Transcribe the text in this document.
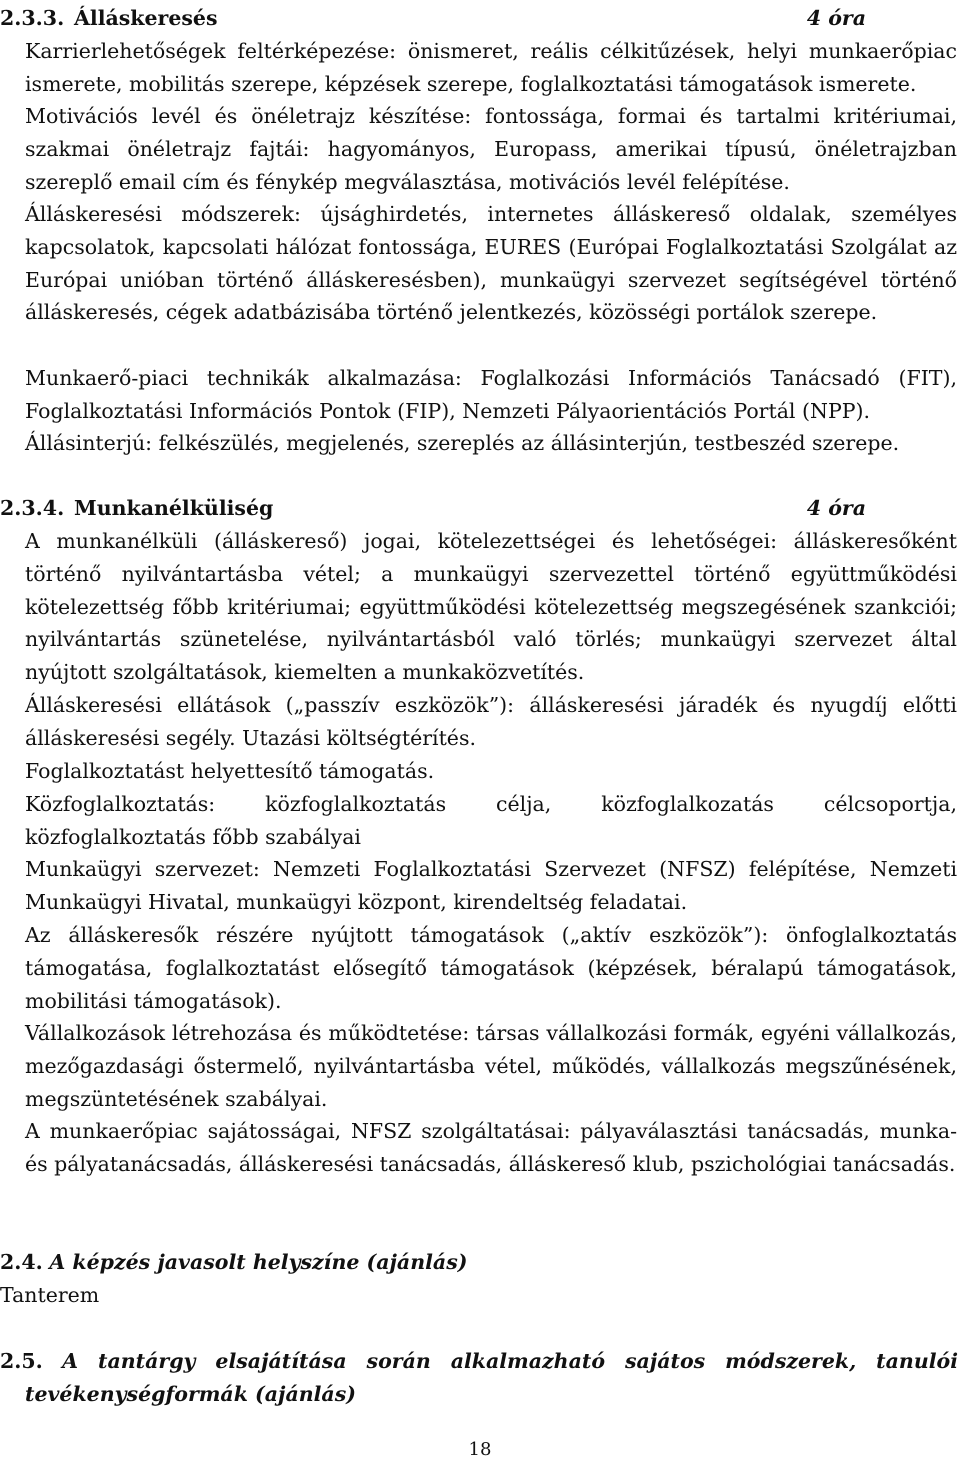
2.3.3. Álláskeresés	4 óra
Karrierlehetőségek feltérképezése: önismeret, reális célkitűzések, helyi munkaerőpiac ismerete, mobilitás szerepe, képzések szerepe, foglalkoztatási támogatások ismerete.
Motivációs levél és önéletrajz készítése: fontossága, formai és tartalmi kritériumai, szakmai önéletrajz fajtái: hagyományos, Europass, amerikai típusú, önéletrajzban szereplő email cím és fénykép megválasztása, motivációs levél felépítése.
Álláskeresési módszerek: újsághirdetés, internetes álláskereső oldalak, személyes kapcsolatok, kapcsolati hálózat fontossága, EURES (Európai Foglalkoztatási Szolgálat az Európai unióban történő álláskeresésben), munkaügyi szervezet segítségével történő álláskeresés, cégek adatbázisába történő jelentkezés, közösségi portálok szerepe.
Munkaerő-piaci technikák alkalmazása: Foglalkozási Információs Tanácsadó (FIT), Foglalkoztatási Információs Pontok (FIP), Nemzeti Pályaorientációs Portál (NPP).
Állásinterjú: felkészülés, megjelenés, szereplés az állásinterjún, testbeszéd szerepe.
2.3.4. Munkanélküliség	4 óra
A munkanélküli (álláskereső) jogai, kötelezettségei és lehetőségei: álláskeresőként történő nyilvántartásba vétel; a munkaügyi szervezettel történő együttműködési kötelezettség főbb kritériumai; együttműködési kötelezettség megszegésének szankciói; nyilvántartás szünetelése, nyilvántartásból való törlés; munkaügyi szervezet által nyújtott szolgáltatások, kiemelten a munkaközvetítés.
Álláskeresési ellátások („passzív eszközök”): álláskeresési járadék és nyugdíj előtti álláskeresési segély. Utazási költségtérítés.
Foglalkoztatást helyettesítő támogatás.
Közfoglalkoztatás: közfoglalkoztatás célja, közfoglalkozatás célcsoportja, közfoglalkoztatás főbb szabályai
Munkaügyi szervezet: Nemzeti Foglalkoztatási Szervezet (NFSZ) felépítése, Nemzeti Munkaügyi Hivatal, munkaügyi központ, kirendeltség feladatai.
Az álláskeresők részére nyújtott támogatások („aktív eszközök”): önfoglalkoztatás támogatása, foglalkoztatást elősegítő támogatások (képzések, béralapú támogatások, mobilitási támogatások).
Vállalkozások létrehozása és működtetése: társas vállalkozási formák, egyéni vállalkozás, mezőgazdasági őstermelő, nyilvántartásba vétel, működés, vállalkozás megszűnésének, megszüntetésének szabályai.
A munkaerőpiac sajátosságai, NFSZ szolgáltatásai: pályaválasztási tanácsadás, munka- és pályatanácsadás, álláskeresési tanácsadás, álláskereső klub, pszichológiai tanácsadás.
2.4. A képzés javasolt helyszíne (ajánlás)
Tanterem
2.5. A tantárgy elsajátítása során alkalmazható sajátos módszerek, tanulói
tevékenységformák (ajánlás)
18
